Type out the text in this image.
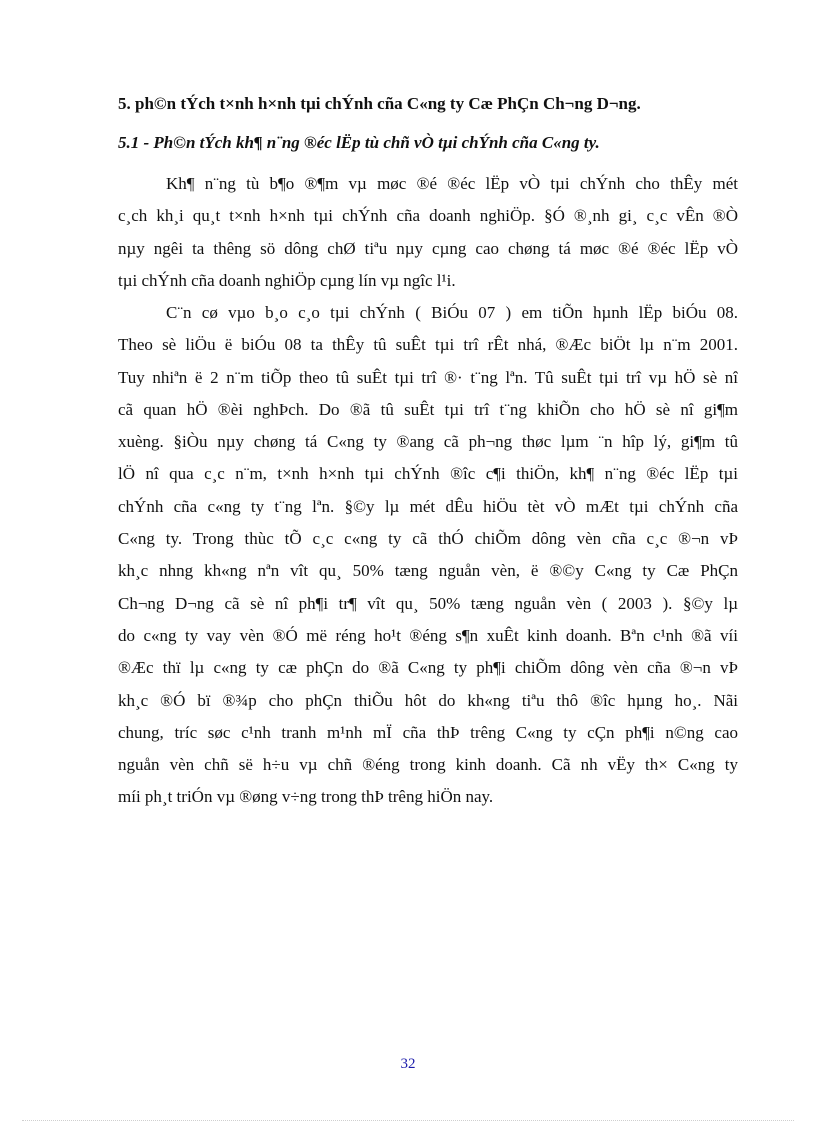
5. ph©n tÝch t×nh h×nh tµi chÝnh cña C«ng ty Cæ PhÇn Ch¬ng D¬ng.
5.1 - Ph©n tÝch kh¶ n¨ng ®éc lËp tù chñ vÒ tµi chÝnh cña C«ng ty.
Kh¶ n¨ng tù b¶o ®¶m vµ møc ®é ®éc lËp vÒ tµi chÝnh cho thÊy mét
c¸ch kh¸i qu¸t t×nh h×nh tµi chÝnh cña doanh nghiÖp. §Ó ®¸nh gi¸ c¸c vÊn ®Ò
nµy ngêi ta thêng sö dông chØ tiªu nµy cµng cao chøng tá møc ®é ®éc lËp vÒ
tµi chÝnh cña doanh nghiÖp cµng lín vµ ngîc l¹i.
C¨n cø vµo b¸o c¸o tµi chÝnh ( BiÓu 07 ) em tiÕn hµnh lËp biÓu 08.
Theo sè liÖu ë biÓu 08 ta thÊy tû suÊt tµi trî rÊt nhá, ®Æc biÖt lµ n¨m 2001.
Tuy nhiªn ë 2 n¨m tiÕp theo tû suÊt tµi trî ®· t¨ng lªn. Tû suÊt tµi trî vµ hÖ sè nî
cã quan hÖ ®èi nghÞch. Do ®ã tû suÊt tµi trî t¨ng khiÕn cho hÖ sè nî gi¶m
xuèng. §iÒu nµy chøng tá C«ng ty ®ang cã ph¬ng thøc lµm ¨n hîp lý, gi¶m tû
lÖ nî qua c¸c n¨m, t×nh h×nh tµi chÝnh ®îc c¶i thiÖn, kh¶ n¨ng ®éc lËp tµi
chÝnh cña c«ng ty t¨ng lªn. §©y lµ mét dÊu hiÖu tèt vÒ mÆt tµi chÝnh cña
C«ng ty. Trong thùc tÕ c¸c c«ng ty cã thÓ chiÕm dông vèn cña c¸c ®¬n vÞ
kh¸c nhng kh«ng nªn vît qu¸ 50% tæng nguån vèn, ë ®©y C«ng ty Cæ PhÇn
Ch¬ng D¬ng cã sè nî ph¶i tr¶ vît qu¸ 50% tæng nguån vèn ( 2003 ). §©y lµ
do c«ng ty vay vèn ®Ó më réng ho¹t ®éng s¶n xuÊt kinh doanh. Bªn c¹nh ®ã víi
®Æc thï lµ c«ng ty cæ phÇn do ®ã C«ng ty ph¶i chiÕm dông vèn cña ®¬n vÞ
kh¸c ®Ó bï ®¾p cho phÇn thiÕu hôt do kh«ng tiªu thô ®îc hµng ho¸. Nãi
chung, tríc søc c¹nh tranh m¹nh mÏ cña thÞ trêng C«ng ty cÇn ph¶i n©ng cao
nguån vèn chñ së h÷u vµ chñ ®éng trong kinh doanh. Cã nh vËy th× C«ng ty
míi ph¸t triÓn vµ ®øng v÷ng trong thÞ trêng hiÖn nay.
32
